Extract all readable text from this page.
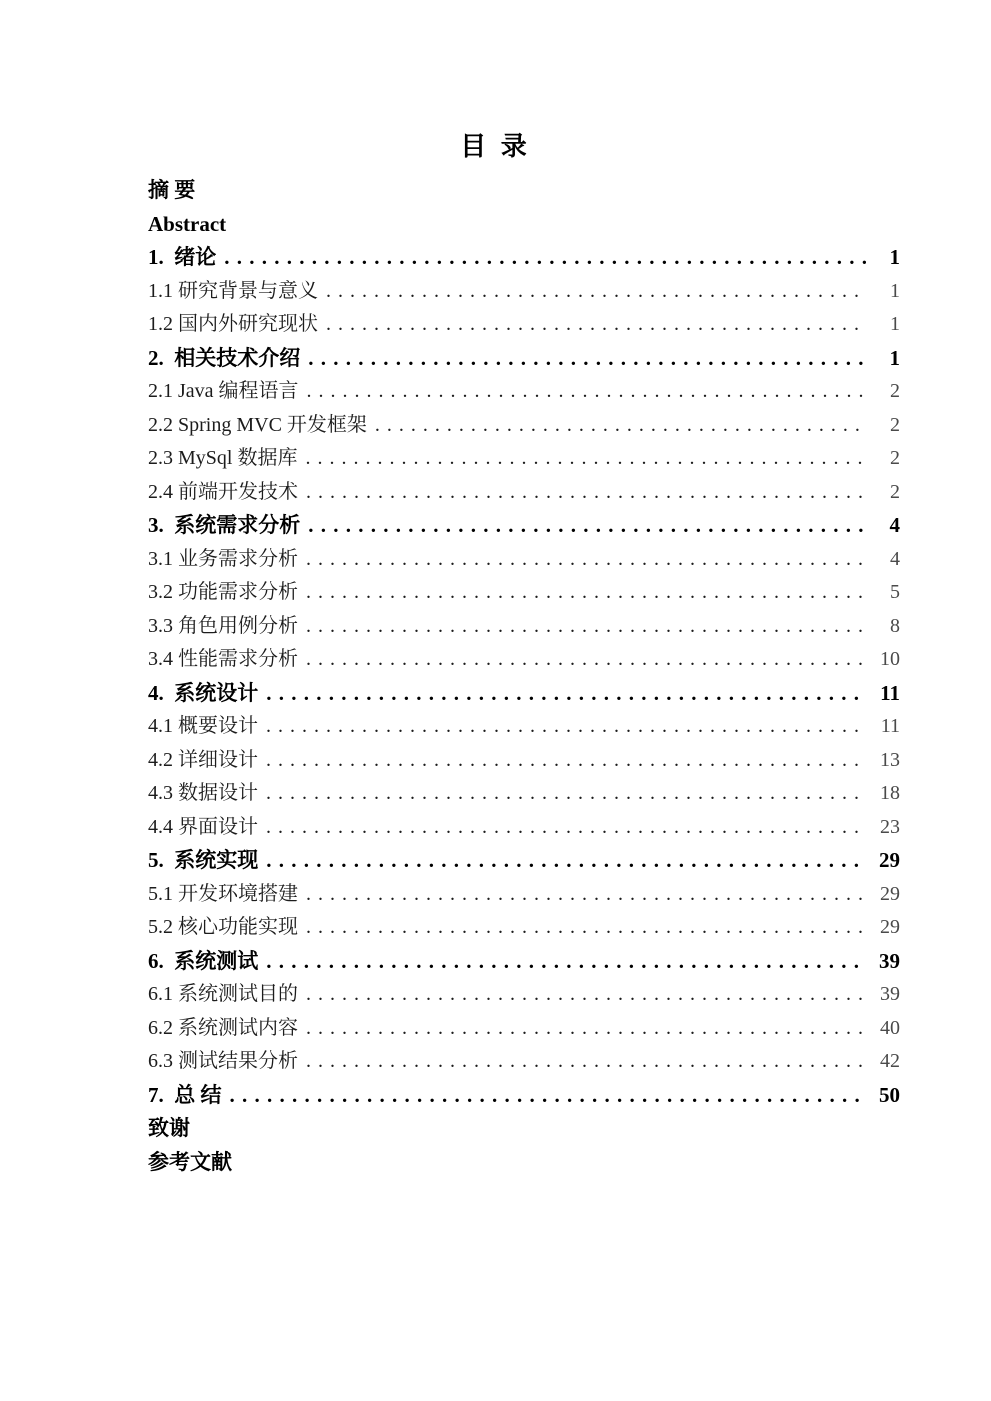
目 录
摘 要
Abstract
1.  绪论 . . .	1
1.1 研究背景与意义 . . .	1
1.2 国内外研究现状 . . .	1
2.  相关技术介绍 . . .	1
2.1 Java 编程语言 . . .	2
2.2 Spring MVC 开发框架 . . .	2
2.3 MySql 数据库 . . .	2
2.4 前端开发技术 . . .	2
3.  系统需求分析 . . .	4
3.1 业务需求分析 . . .	4
3.2 功能需求分析 . . .	5
3.3 角色用例分析 . . .	8
3.4 性能需求分析 . . .	10
4.  系统设计 . . .	11
4.1 概要设计 . . .	11
4.2 详细设计 . . .	13
4.3 数据设计 . . .	18
4.4 界面设计 . . .	23
5.  系统实现 . . .	29
5.1 开发环境搭建 . . .	29
5.2 核心功能实现 . . .	29
6.  系统测试 . . .	39
6.1 系统测试目的 . . .	39
6.2 系统测试内容 . . .	40
6.3 测试结果分析 . . .	42
7.  总 结 . . .	50
致谢
参考文献
